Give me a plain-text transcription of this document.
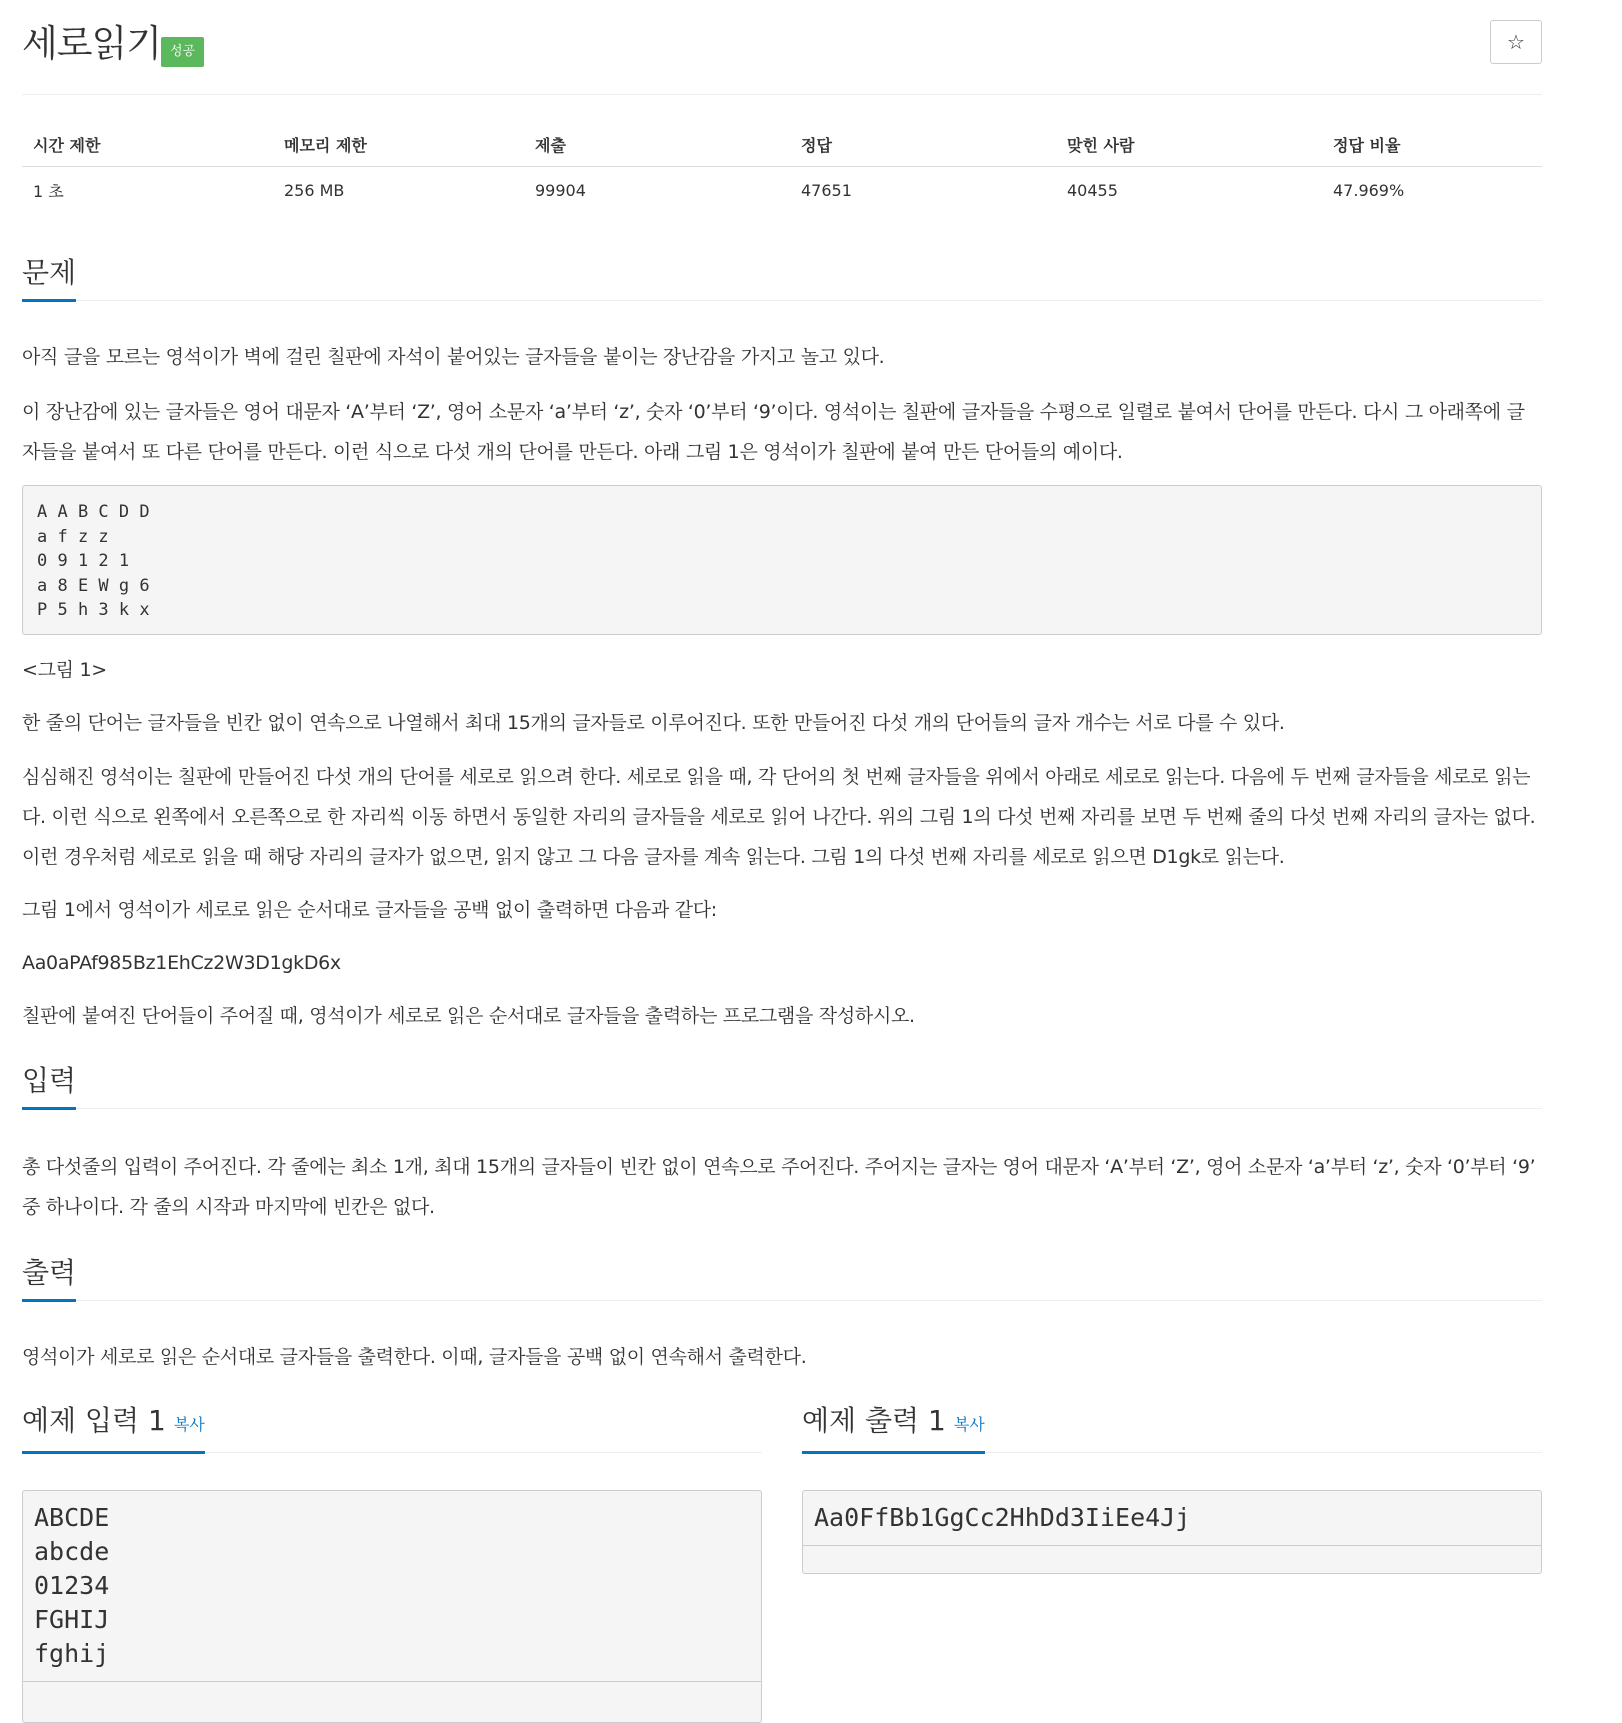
세로읽기 성공	☆
시간 제한	메모리 제한	제출	정답	맞힌 사람	정답 비율
1 초	256 MB	99904	47651	40455	47.969%
문제
아직 글을 모르는 영석이가 벽에 걸린 칠판에 자석이 붙어있는 글자들을 붙이는 장난감을 가지고 놀고 있다.
이 장난감에 있는 글자들은 영어 대문자 ‘A’부터 ‘Z’, 영어 소문자 ‘a’부터 ‘z’, 숫자 ‘0’부터 ‘9’이다. 영석이는 칠판에 글자들을 수평으로 일렬로 붙여서 단어를 만든다. 다시 그 아래쪽에 글자들을 붙여서 또 다른 단어를 만든다. 이런 식으로 다섯 개의 단어를 만든다. 아래 그림 1은 영석이가 칠판에 붙여 만든 단어들의 예이다.
A A B C D D
a f z z
0 9 1 2 1
a 8 E W g 6
P 5 h 3 k x
<그림 1>
한 줄의 단어는 글자들을 빈칸 없이 연속으로 나열해서 최대 15개의 글자들로 이루어진다. 또한 만들어진 다섯 개의 단어들의 글자 개수는 서로 다를 수 있다.
심심해진 영석이는 칠판에 만들어진 다섯 개의 단어를 세로로 읽으려 한다. 세로로 읽을 때, 각 단어의 첫 번째 글자들을 위에서 아래로 세로로 읽는다. 다음에 두 번째 글자들을 세로로 읽는다. 이런 식으로 왼쪽에서 오른쪽으로 한 자리씩 이동 하면서 동일한 자리의 글자들을 세로로 읽어 나간다. 위의 그림 1의 다섯 번째 자리를 보면 두 번째 줄의 다섯 번째 자리의 글자는 없다. 이런 경우처럼 세로로 읽을 때 해당 자리의 글자가 없으면, 읽지 않고 그 다음 글자를 계속 읽는다. 그림 1의 다섯 번째 자리를 세로로 읽으면 D1gk로 읽는다.
그림 1에서 영석이가 세로로 읽은 순서대로 글자들을 공백 없이 출력하면 다음과 같다:
Aa0aPAf985Bz1EhCz2W3D1gkD6x
칠판에 붙여진 단어들이 주어질 때, 영석이가 세로로 읽은 순서대로 글자들을 출력하는 프로그램을 작성하시오.
입력
총 다섯줄의 입력이 주어진다. 각 줄에는 최소 1개, 최대 15개의 글자들이 빈칸 없이 연속으로 주어진다. 주어지는 글자는 영어 대문자 ‘A’부터 ‘Z’, 영어 소문자 ‘a’부터 ‘z’, 숫자 ‘0’부터 ‘9’ 중 하나이다. 각 줄의 시작과 마지막에 빈칸은 없다.
출력
영석이가 세로로 읽은 순서대로 글자들을 출력한다. 이때, 글자들을 공백 없이 연속해서 출력한다.
예제 입력 1 복사	예제 출력 1 복사
ABCDE
abcde
01234
FGHIJ
fghij
Aa0FfBb1GgCc2HhDd3IiEe4Jj
